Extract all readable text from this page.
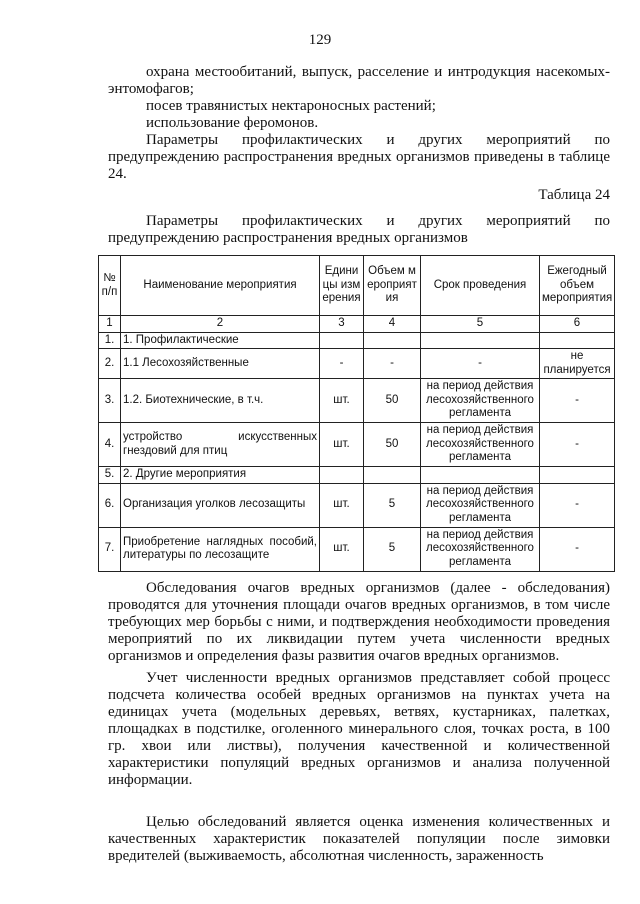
129
охрана местообитаний, выпуск, расселение и интродукция насекомых-энтомофагов;
посев травянистых нектароносных растений;
использование феромонов.
Параметры профилактических и других мероприятий по предупреждению распространения вредных организмов приведены в таблице 24.
Таблица 24
Параметры профилактических и других мероприятий по предупреждению распространения вредных организмов
№ п/п	Наименование мероприятия	Единицы измерения	Объем мероприятия	Срок проведения	Ежегодный объем мероприятия
1	2	3	4	5	6
1.	1. Профилактические				
2.	1.1 Лесохозяйственные	-	-	-	не планируется
3.	1.2. Биотехнические, в т.ч.	шт.	50	на период действия лесохозяйственного регламента	-
4.	устройство искусственных гнездовий для птиц	шт.	50	на период действия лесохозяйственного регламента	-
5.	2. Другие мероприятия				
6.	Организация уголков лесозащиты	шт.	5	на период действия лесохозяйственного регламента	-
7.	Приобретение наглядных пособий, литературы по лесозащите	шт.	5	на период действия лесохозяйственного регламента	-
Обследования очагов вредных организмов (далее - обследования) проводятся для уточнения площади очагов вредных организмов, в том числе требующих мер борьбы с ними, и подтверждения необходимости проведения мероприятий по их ликвидации путем учета численности вредных организмов и определения фазы развития очагов вредных организмов.
Учет численности вредных организмов представляет собой процесс подсчета количества особей вредных организмов на пунктах учета на единицах учета (модельных деревьях, ветвях, кустарниках, палетках, площадках в подстилке, оголенного минерального слоя, точках роста, в 100 гр. хвои или листвы), получения качественной и количественной характеристики популяций вредных организмов и анализа полученной информации.
Целью обследований является оценка изменения количественных и качественных характеристик показателей популяции после зимовки вредителей (выживаемость, абсолютная численность, зараженность
